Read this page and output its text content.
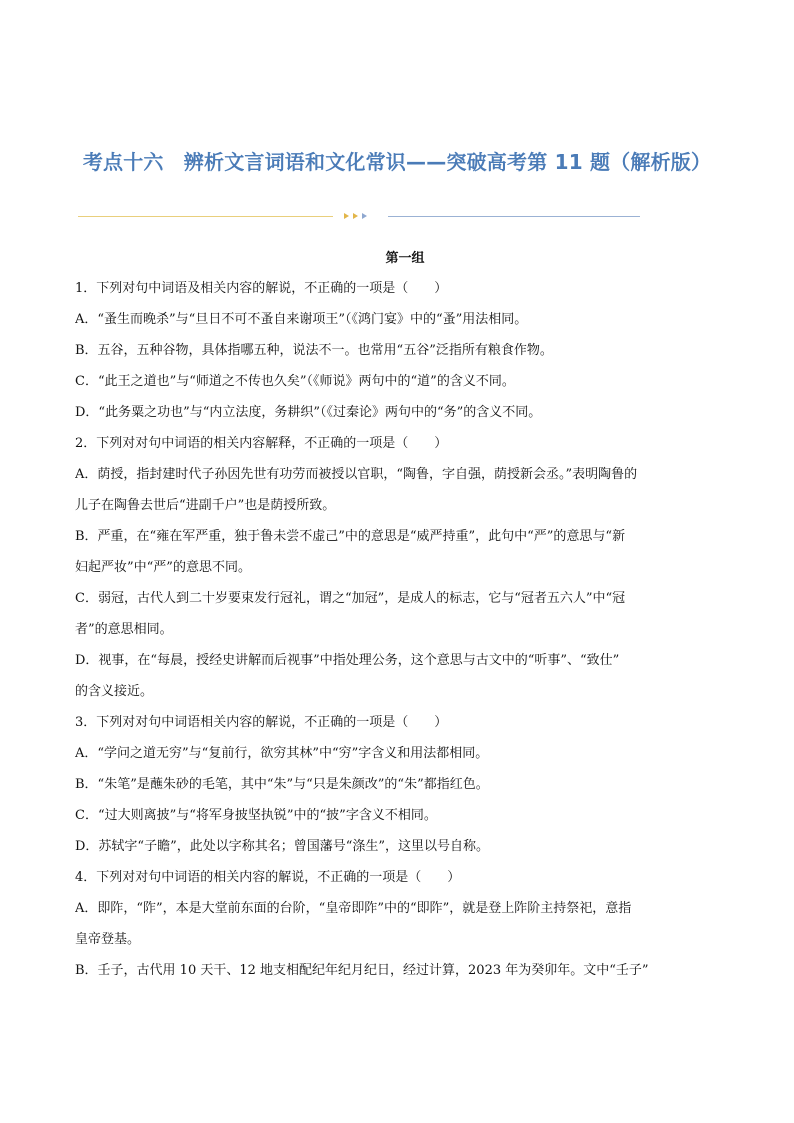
考点十六　辨析文言词语和文化常识——突破高考第 11 题（解析版）
第一组
1．下列对句中词语及相关内容的解说，不正确的一项是（　　）
A．“蚤生而晚杀”与“旦日不可不蚤自来谢项王”（《鸿门宴》中的“蚤”用法相同。
B．五谷，五种谷物，具体指哪五种，说法不一。也常用“五谷”泛指所有粮食作物。
C．“此王之道也”与“师道之不传也久矣”（《师说》两句中的“道”的含义不同。
D．“此务粟之功也”与“内立法度，务耕织”（《过秦论》两句中的“务”的含义不同。
2．下列对对句中词语的相关内容解释，不正确的一项是（　　）
A．荫授，指封建时代子孙因先世有功劳而被授以官职，“陶鲁，字自强，荫授新会丞。”表明陶鲁的
儿子在陶鲁去世后“进副千户”也是荫授所致。
B．严重，在“雍在军严重，独于鲁未尝不虚己”中的意思是“威严持重”，此句中“严”的意思与“新
妇起严妆”中“严”的意思不同。
C．弱冠，古代人到二十岁要束发行冠礼，谓之“加冠”，是成人的标志，它与“冠者五六人”中“冠
者”的意思相同。
D．视事，在“每晨，授经史讲解而后视事”中指处理公务，这个意思与古文中的“听事”、“致仕”
的含义接近。
3．下列对对句中词语相关内容的解说，不正确的一项是（　　）
A．“学问之道无穷”与“复前行，欲穷其林”中“穷”字含义和用法都相同。
B．“朱笔”是蘸朱砂的毛笔，其中“朱”与“只是朱颜改”的“朱”都指红色。
C．“过大则离披”与“将军身披坚执锐”中的“披”字含义不相同。
D．苏轼字“子瞻”，此处以字称其名；曾国藩号“涤生”，这里以号自称。
4．下列对对句中词语的相关内容的解说，不正确的一项是（　　）
A．即阼，“阼”，本是大堂前东面的台阶，“皇帝即阼”中的“即阼”，就是登上阼阶主持祭祀，意指
皇帝登基。
B．壬子，古代用 10 天干、12 地支相配纪年纪月纪日，经过计算，2023 年为癸卯年。文中“壬子”
